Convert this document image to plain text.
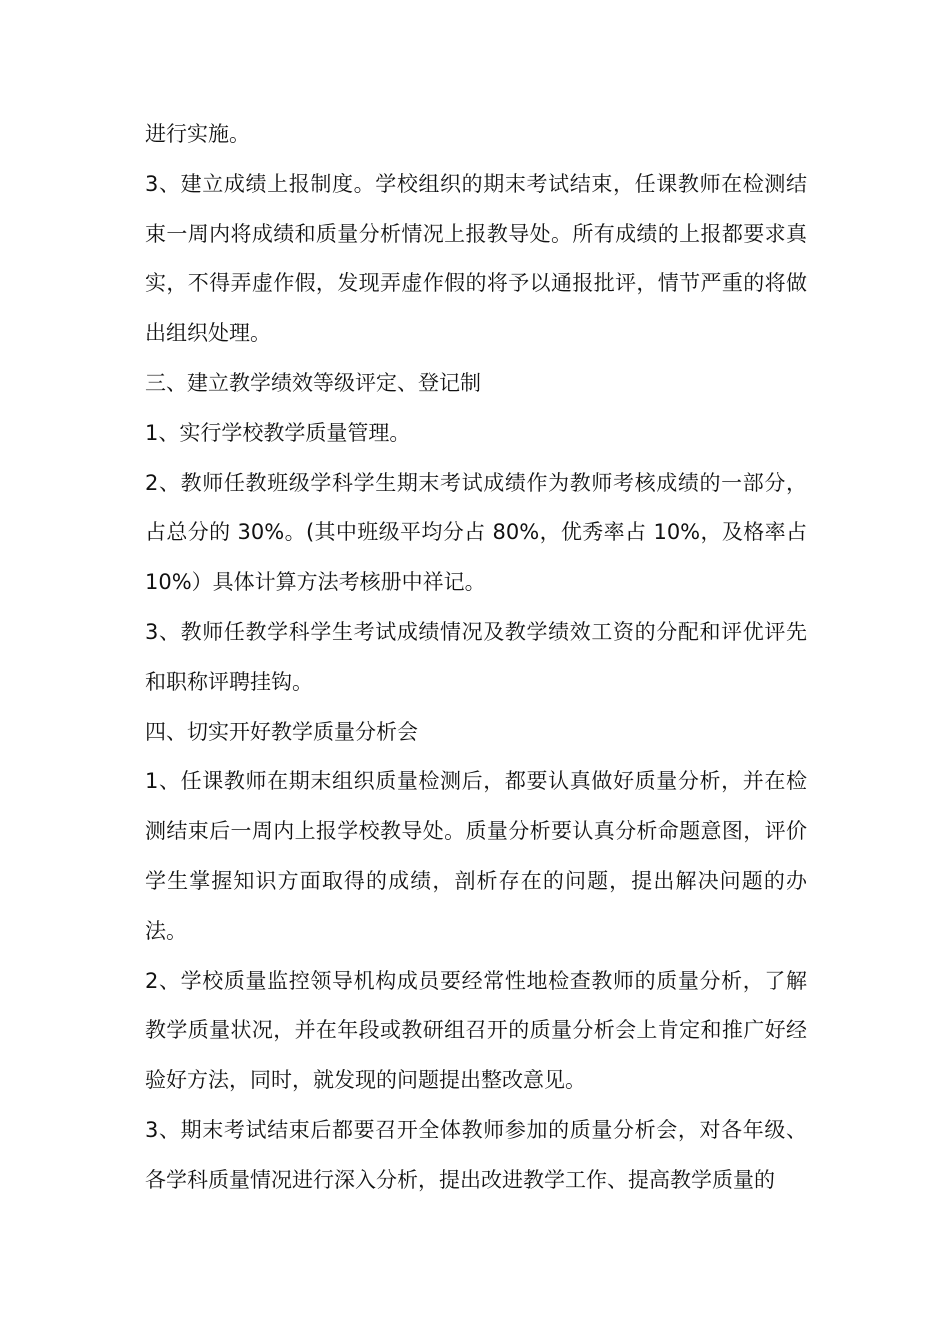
进行实施。

3、建立成绩上报制度。学校组织的期末考试结束，任课教师在检测结束一周内将成绩和质量分析情况上报教导处。所有成绩的上报都要求真实，不得弄虚作假，发现弄虚作假的将予以通报批评，情节严重的将做出组织处理。

三、建立教学绩效等级评定、登记制

1、实行学校教学质量管理。

2、教师任教班级学科学生期末考试成绩作为教师考核成绩的一部分，占总分的 30%。(其中班级平均分占 80%，优秀率占 10%，及格率占 10%）具体计算方法考核册中祥记。

3、教师任教学科学生考试成绩情况及教学绩效工资的分配和评优评先和职称评聘挂钩。

四、切实开好教学质量分析会

1、任课教师在期末组织质量检测后，都要认真做好质量分析，并在检测结束后一周内上报学校教导处。质量分析要认真分析命题意图，评价学生掌握知识方面取得的成绩，剖析存在的问题，提出解决问题的办法。

2、学校质量监控领导机构成员要经常性地检查教师的质量分析，了解教学质量状况，并在年段或教研组召开的质量分析会上肯定和推广好经验好方法，同时，就发现的问题提出整改意见。

3、期末考试结束后都要召开全体教师参加的质量分析会，对各年级、各学科质量情况进行深入分析，提出改进教学工作、提高教学质量的
